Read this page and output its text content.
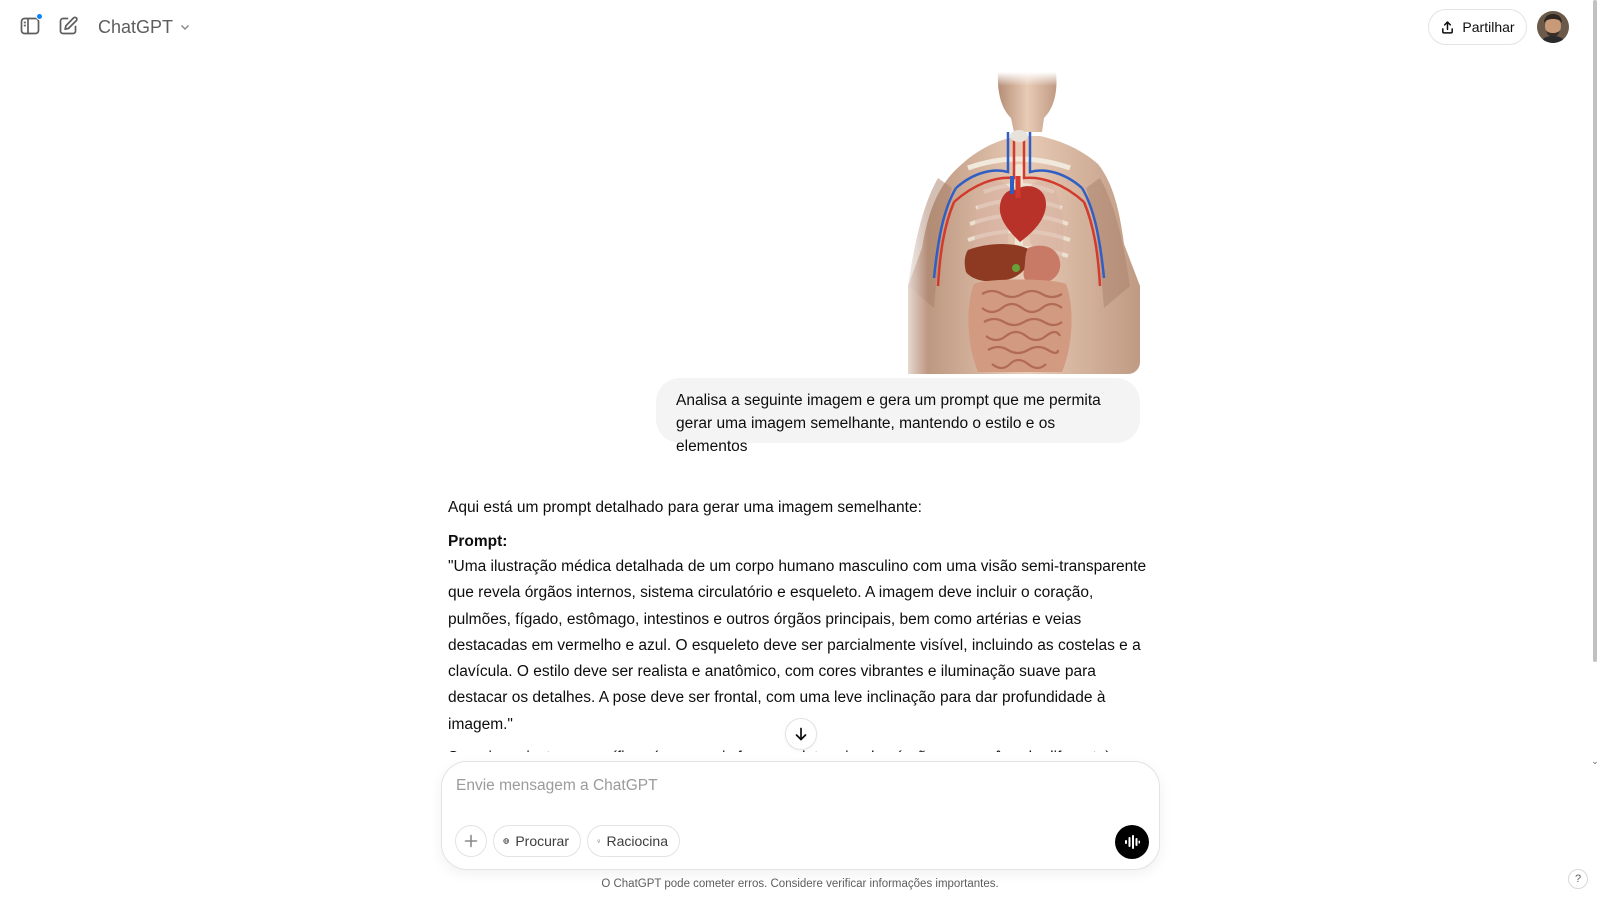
ChatGPT	Partilhar
⌄
Analisa a seguinte imagem e gera um prompt que me permita gerar uma imagem semelhante, mantendo o estilo e os elementos

Aqui está um prompt detalhado para gerar uma imagem semelhante:

Prompt:

"Uma ilustração médica detalhada de um corpo humano masculino com uma visão semi-transparente que revela órgãos internos, sistema circulatório e esqueleto. A imagem deve incluir o coração, pulmões, fígado, estômago, intestinos e outros órgãos principais, bem como artérias e veias destacadas em vermelho e azul. O esqueleto deve ser parcialmente visível, incluindo as costelas e a clavícula. O estilo deve ser realista e anatômico, com cores vibrantes e iluminação suave para destacar os detalhes. A pose deve ser frontal, com uma leve inclinação para dar profundidade à imagem."

Envie mensagem a ChatGPT
Procurar	Raciocina
O ChatGPT pode cometer erros. Considere verificar informações importantes.	?
